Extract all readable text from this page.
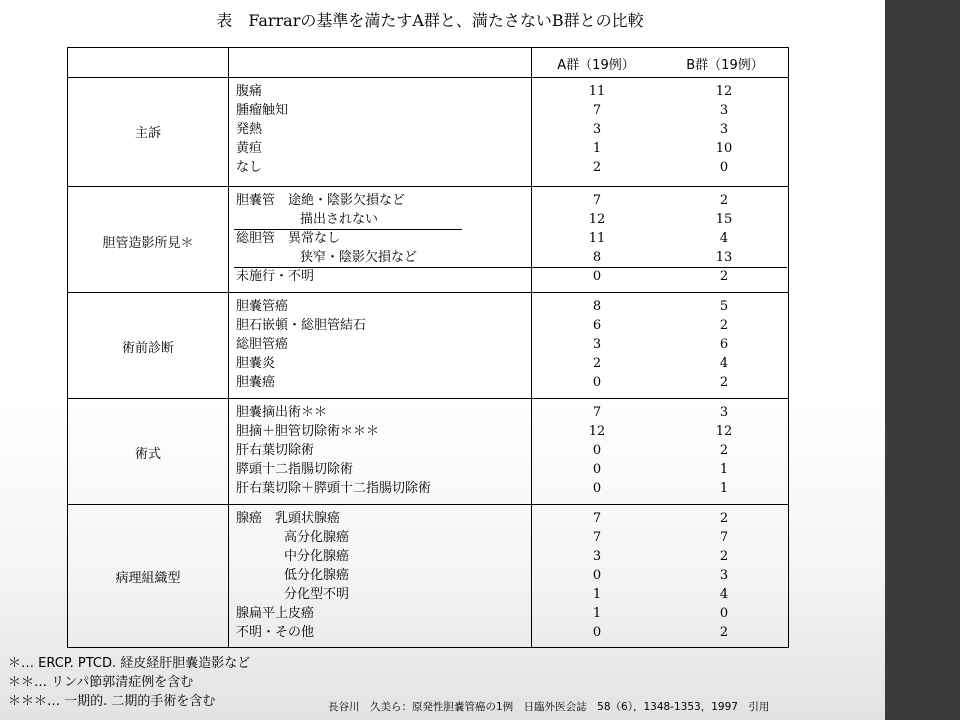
表　Farrarの基準を満たすA群と、満たさないB群との比較
A群（19例）	B群（19例）
主訴
腹痛
腫瘤触知
発熱
黄疸
なし
11
7
3
1
2
12
3
3
10
0
胆管造影所見＊
胆嚢管　途絶・陰影欠損など
描出されない
総胆管　異常なし
狭窄・陰影欠損など
未施行・不明
7
12
11
8
0
2
15
4
13
2
術前診断
胆嚢管癌
胆石嵌頓・総胆管結石
総胆管癌
胆嚢炎
胆嚢癌
8
6
3
2
0
5
2
6
4
2
術式
胆嚢摘出術＊＊
胆摘＋胆管切除術＊＊＊
肝右葉切除術
膵頭十二指腸切除術
肝右葉切除＋膵頭十二指腸切除術
7
12
0
0
0
3
12
2
1
1
病理組織型
腺癌　乳頭状腺癌
高分化腺癌
中分化腺癌
低分化腺癌
分化型不明
腺扁平上皮癌
不明・その他
7
7
3
0
1
1
0
2
7
2
3
4
0
2
＊… ERCP. PTCD. 経皮経肝胆嚢造影など
＊＊… リンパ節郭清症例を含む
＊＊＊… 一期的. 二期的手術を含む	長谷川　久美ら：原発性胆嚢管癌の1例　日臨外医会誌　58（6），1348-1353，1997　引用
